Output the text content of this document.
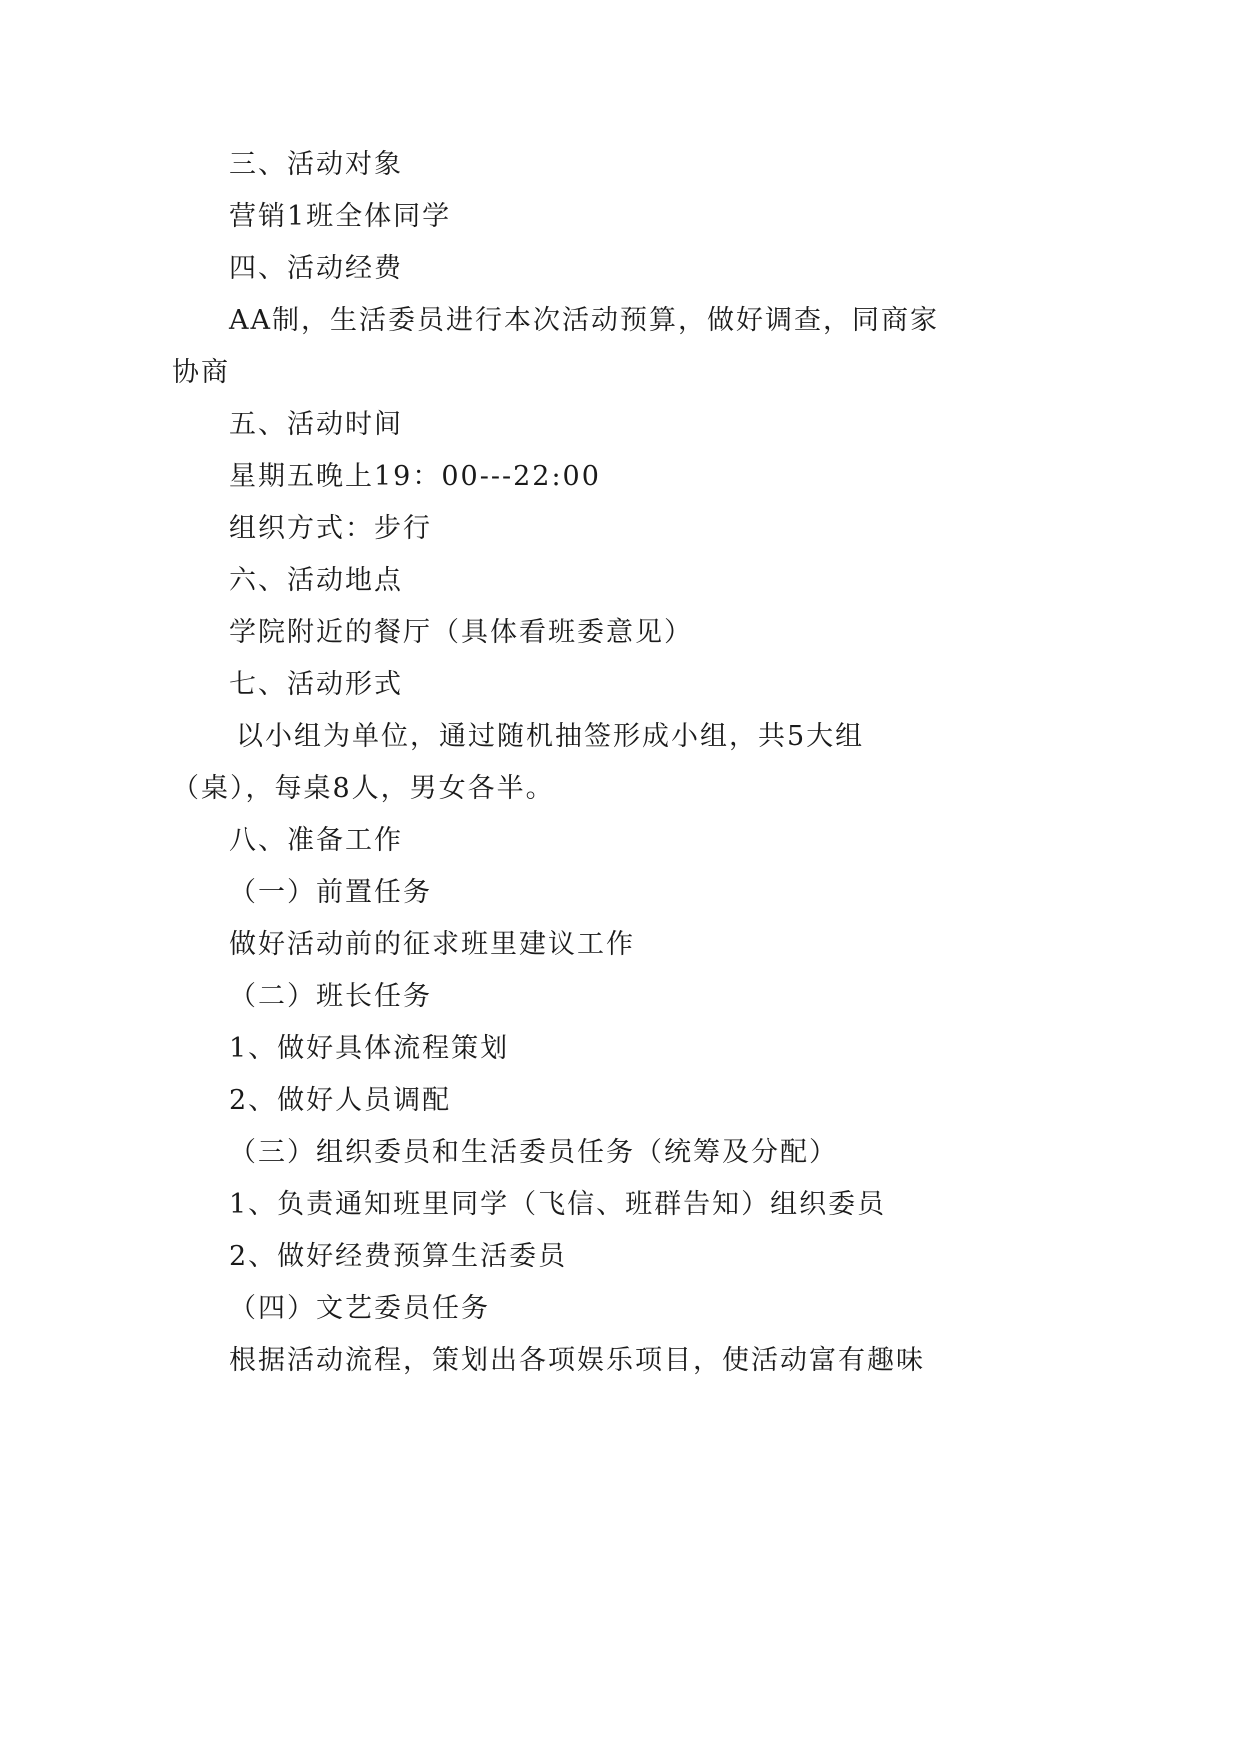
三、活动对象
营销1班全体同学
四、活动经费
AA制，生活委员进行本次活动预算，做好调查，同商家
协商
五、活动时间
星期五晚上19：00---22:00
组织方式：步行
六、活动地点
学院附近的餐厅（具体看班委意见）
七、活动形式
以小组为单位，通过随机抽签形成小组，共5大组
（桌），每桌8人，男女各半。
八、准备工作
（一）前置任务
做好活动前的征求班里建议工作
（二）班长任务
1、做好具体流程策划
2、做好人员调配
（三）组织委员和生活委员任务（统筹及分配）
1、负责通知班里同学（飞信、班群告知）组织委员
2、做好经费预算生活委员
（四）文艺委员任务
根据活动流程，策划出各项娱乐项目，使活动富有趣味
